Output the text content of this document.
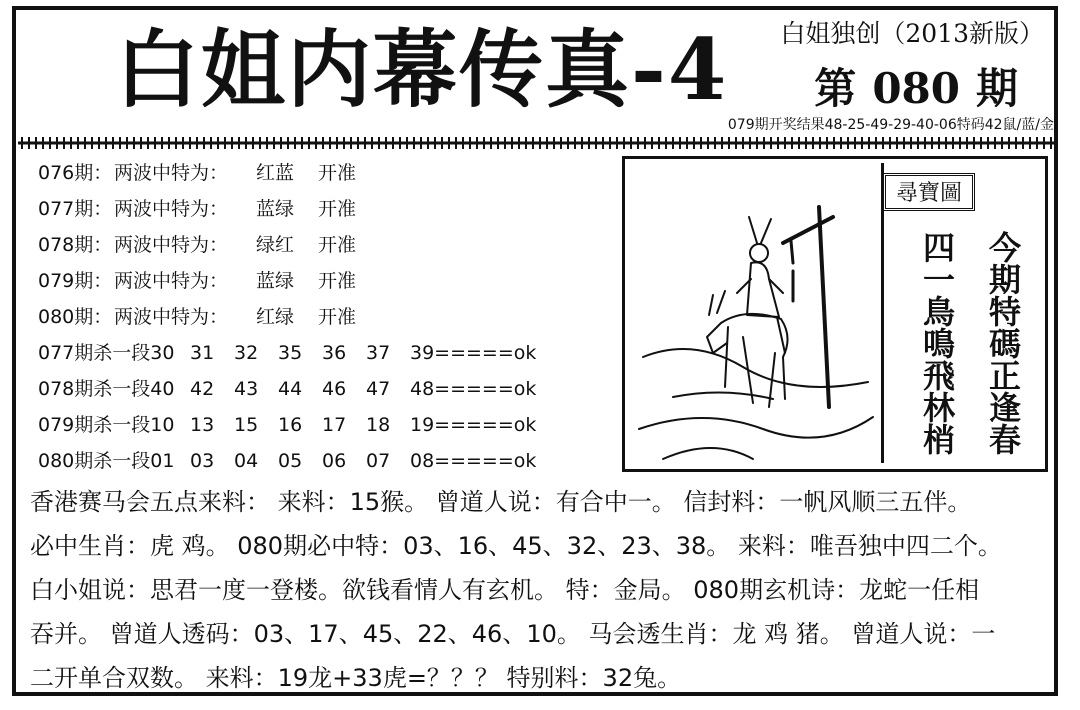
白姐内幕传真-4 白姐独创（2013新版）
第 080 期
079期开奖结果48-25-49-29-40-06特码42鼠/蓝/金
076期：两波中特为： 红蓝 开准
077期：两波中特为： 蓝绿 开准
078期：两波中特为： 绿红 开准
079期：两波中特为： 蓝绿 开准
080期：两波中特为： 红绿 开准
077期杀一段30 31 32 35 36 37 39=====ok
078期杀一段40 42 43 44 46 47 48=====ok
079期杀一段10 13 15 16 17 18 19=====ok
080期杀一段01 03 04 05 06 07 08=====ok
尋寶圖
今期特碼正逢春
四一鳥鳴飛林梢
香港赛马会五点来料： 来料：15猴。 曾道人说：有合中一。 信封料：一帆风顺三五伴。
必中生肖：虎 鸡。 080期必中特：03、16、45、32、23、38。 来料：唯吾独中四二个。
白小姐说：思君一度一登楼。欲钱看情人有玄机。 特：金局。 080期玄机诗：龙蛇一任相
吞并。 曾道人透码：03、17、45、22、46、10。 马会透生肖：龙 鸡 猪。 曾道人说：一
二开单合双数。 来料：19龙+33虎=？？？ 特别料：32兔。
